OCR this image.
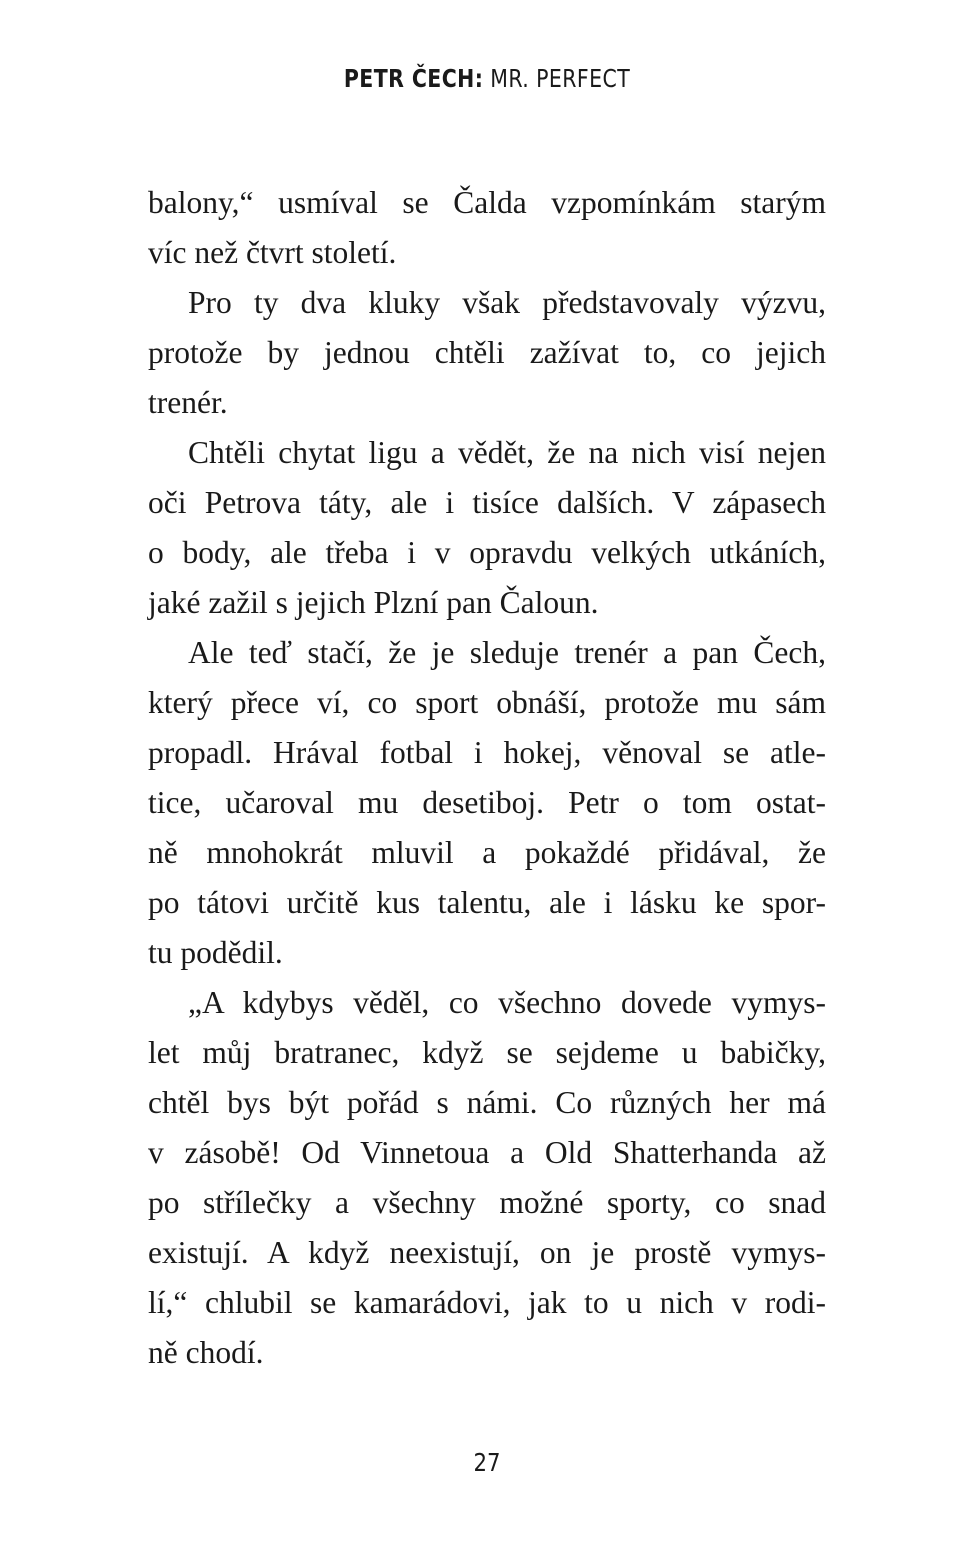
PETR ČECH: MR. PERFECT
balony,“ usmíval se Čalda vzpomínkám starým
víc než čtvrt století.
Pro ty dva kluky však představovaly výzvu,
protože by jednou chtěli zažívat to, co jejich
trenér.
Chtěli chytat ligu a vědět, že na nich visí nejen
oči Petrova táty, ale i tisíce dalších. V zápasech
o body, ale třeba i v opravdu velkých utkáních,
jaké zažil s jejich Plzní pan Čaloun.
Ale teď stačí, že je sleduje trenér a pan Čech,
který přece ví, co sport obnáší, protože mu sám
propadl. Hrával fotbal i hokej, věnoval se atle-
tice, učaroval mu desetiboj. Petr o tom ostat-
ně mnohokrát mluvil a pokaždé přidával, že
po tátovi určitě kus talentu, ale i lásku ke spor-
tu podědil.
„A kdybys věděl, co všechno dovede vymys-
let můj bratranec, když se sejdeme u babičky,
chtěl bys být pořád s námi. Co různých her má
v zásobě! Od Vinnetoua a Old Shatterhanda až
po střílečky a všechny možné sporty, co snad
existují. A když neexistují, on je prostě vymys-
lí,“ chlubil se kamarádovi, jak to u nich v rodi-
ně chodí.
27
